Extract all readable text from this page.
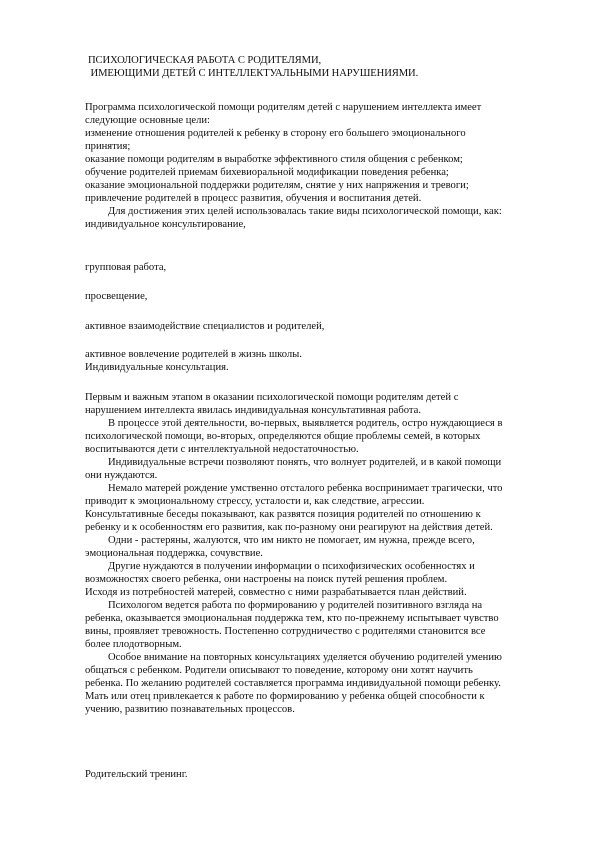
ПСИХОЛОГИЧЕСКАЯ РАБОТА С РОДИТЕЛЯМИ,
ИМЕЮЩИМИ ДЕТЕЙ С ИНТЕЛЛЕКТУАЛЬНЫМИ НАРУШЕНИЯМИ.
Программа психологической помощи родителям детей с нарушением интеллекта имеет
следующие основные цели:
изменение отношения родителей к ребенку в сторону его большего эмоционального
принятия;
оказание помощи родителям в выработке эффективного стиля общения с ребенком;
обучение родителей приемам бихевиоральной модификации поведения ребенка;
оказание эмоциональной поддержки родителям, снятие у них напряжения и тревоги;
привлечение родителей в процесс развития, обучения и воспитания детей.
Для достижения этих целей использовалась такие виды психологической помощи, как:
индивидуальное консультирование,
групповая работа,
просвещение,
активное взаимодействие специалистов и родителей,
активное вовлечение родителей в жизнь школы.
Индивидуальные консультация.
Первым и важным этапом в оказании психологической помощи родителям детей с
нарушением интеллекта явилась индивидуальная консультативная работа.
В процессе этой деятельности, во-первых, выявляется родитель, остро нуждающиеся в
психологической помощи, во-вторых, определяются общие проблемы семей, в которых
воспитываются дети с интеллектуальной недостаточностью.
Индивидуальные встречи позволяют понять, что волнует родителей, и в какой помощи
они нуждаются.
Немало матерей рождение умственно отсталого ребенка воспринимает трагически, что
приводит к эмоциональному стрессу, усталости и, как следствие, агрессии.
Консультативные беседы показывают, как развятся позиция родителей по отношению к
ребенку и к особенностям его развития, как по-разному они реагируют на действия детей.
Одни - растеряны, жалуются, что им никто не помогает, им нужна, прежде всего,
эмоциональная поддержка, сочувствие.
Другие нуждаются в получении информации о психофизических особенностях и
возможностях своего ребенка, они настроены на поиск путей решения проблем.
Исходя из потребностей матерей, совместно с ними разрабатывается план действий.
Психологом ведется работа по формированию у родителей позитивного взгляда на
ребенка, оказывается эмоциональная поддержка тем, кто по-прежнему испытывает чувство
вины, проявляет тревожность. Постепенно сотрудничество с родителями становится все
более плодотворным.
Особое внимание на повторных консультациях уделяется обучению родителей умению
общаться с ребенком. Родители описывают то поведение, которому они хотят научить
ребенка. По желанию родителей составляется программа индивидуальной помощи ребенку.
Мать или отец привлекается к работе по формированию у ребенка общей способности к
учению, развитию познавательных процессов.
Родительский тренинг.
